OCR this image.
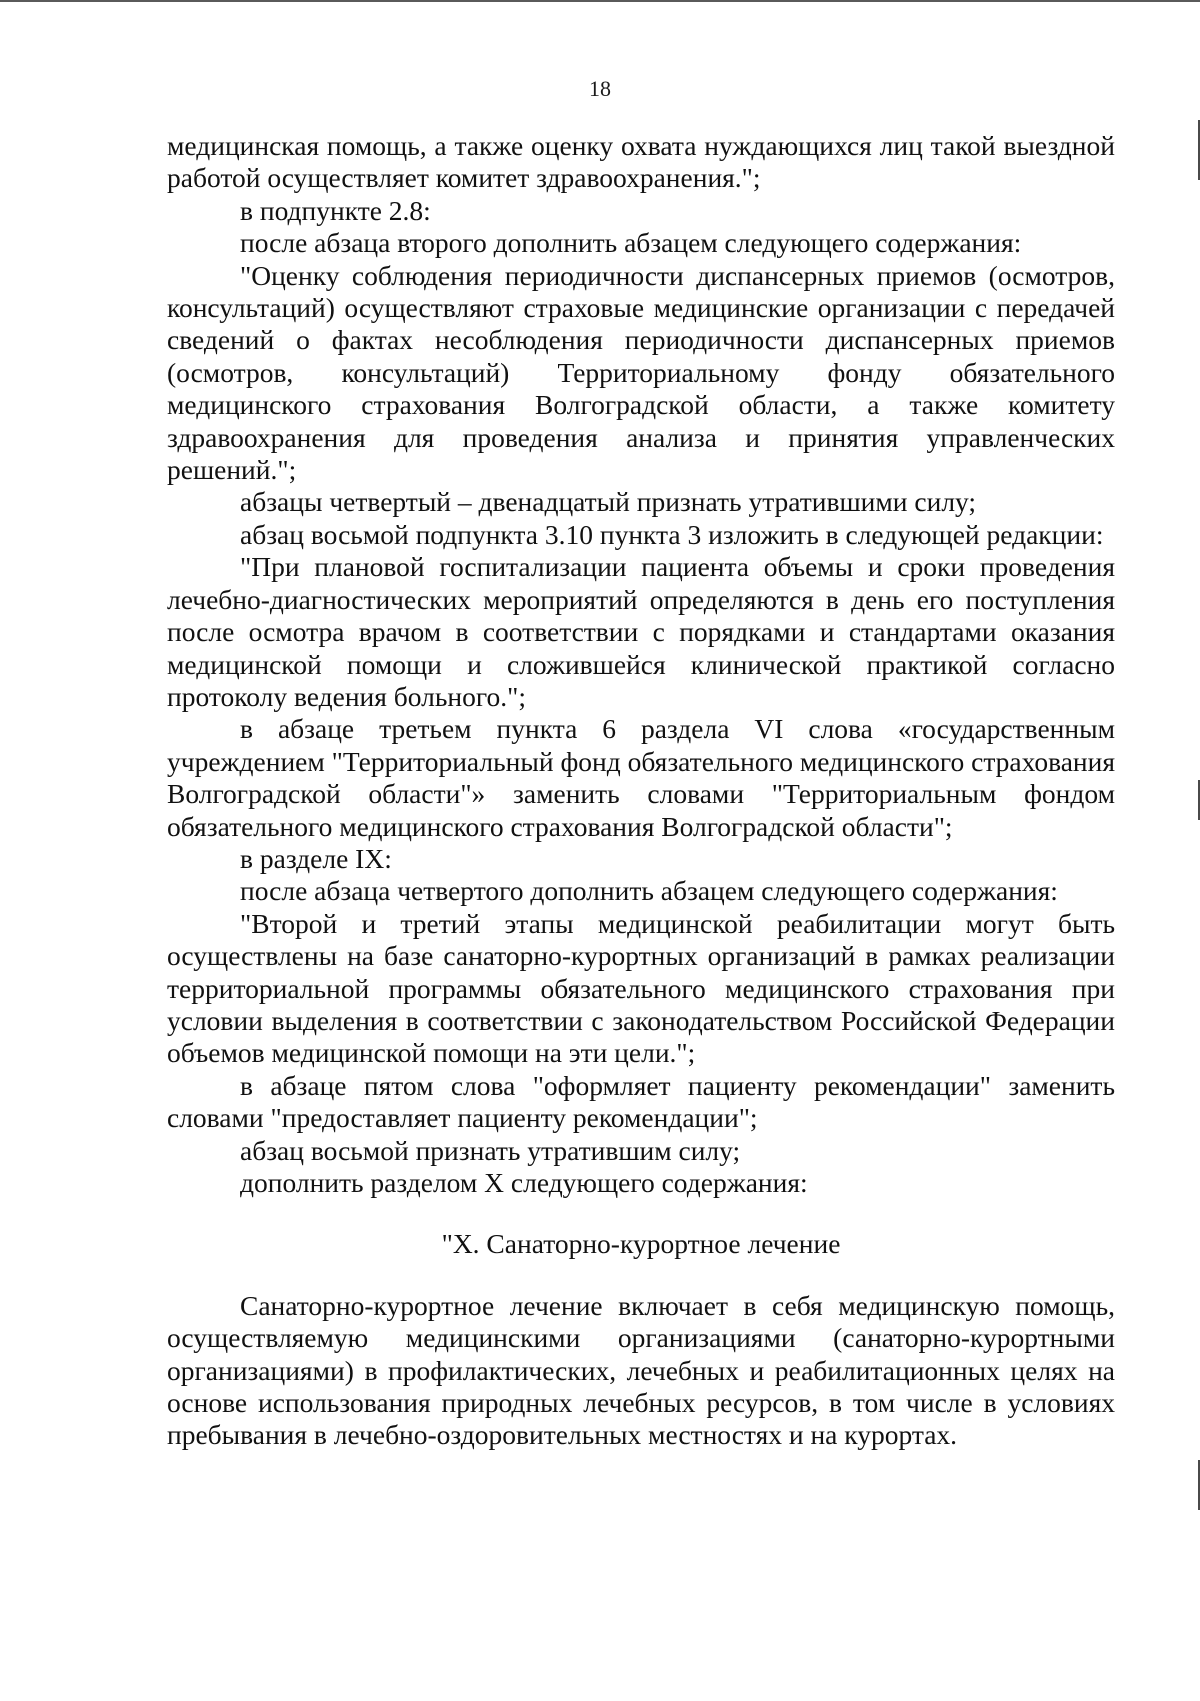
18

медицинская помощь, а также оценку охвата нуждающихся лиц такой выездной работой осуществляет комитет здравоохранения.";

в подпункте 2.8:

после абзаца второго дополнить абзацем следующего содержания:

"Оценку соблюдения периодичности диспансерных приемов (осмотров, консультаций) осуществляют страховые медицинские организации с передачей сведений о фактах несоблюдения периодичности диспансерных приемов (осмотров, консультаций) Территориальному фонду обязательного медицинского страхования Волгоградской области, а также комитету здравоохранения для проведения анализа и принятия управленческих решений.";

абзацы четвертый – двенадцатый признать утратившими силу;

абзац восьмой подпункта 3.10 пункта 3 изложить в следующей редакции:

"При плановой госпитализации пациента объемы и сроки проведения лечебно-диагностических мероприятий определяются в день его поступления после осмотра врачом в соответствии с порядками и стандартами оказания медицинской помощи и сложившейся клинической практикой согласно протоколу ведения больного.";

в абзаце третьем пункта 6 раздела VI слова «государственным учреждением "Территориальный фонд обязательного медицинского страхования Волгоградской области"» заменить словами "Территориальным фондом обязательного медицинского страхования Волгоградской области";

в разделе IX:

после абзаца четвертого дополнить абзацем следующего содержания:

"Второй и третий этапы медицинской реабилитации могут быть осуществлены на базе санаторно-курортных организаций в рамках реализации территориальной программы обязательного медицинского страхования при условии выделения в соответствии с законодательством Российской Федерации объемов медицинской помощи на эти цели.";

в абзаце пятом слова "оформляет пациенту рекомендации" заменить словами "предоставляет пациенту рекомендации";

абзац восьмой признать утратившим силу;

дополнить разделом X следующего содержания:

"X. Санаторно-курортное лечение

Санаторно-курортное лечение включает в себя медицинскую помощь, осуществляемую медицинскими организациями (санаторно-курортными организациями) в профилактических, лечебных и реабилитационных целях на основе использования природных лечебных ресурсов, в том числе в условиях пребывания в лечебно-оздоровительных местностях и на курортах.
